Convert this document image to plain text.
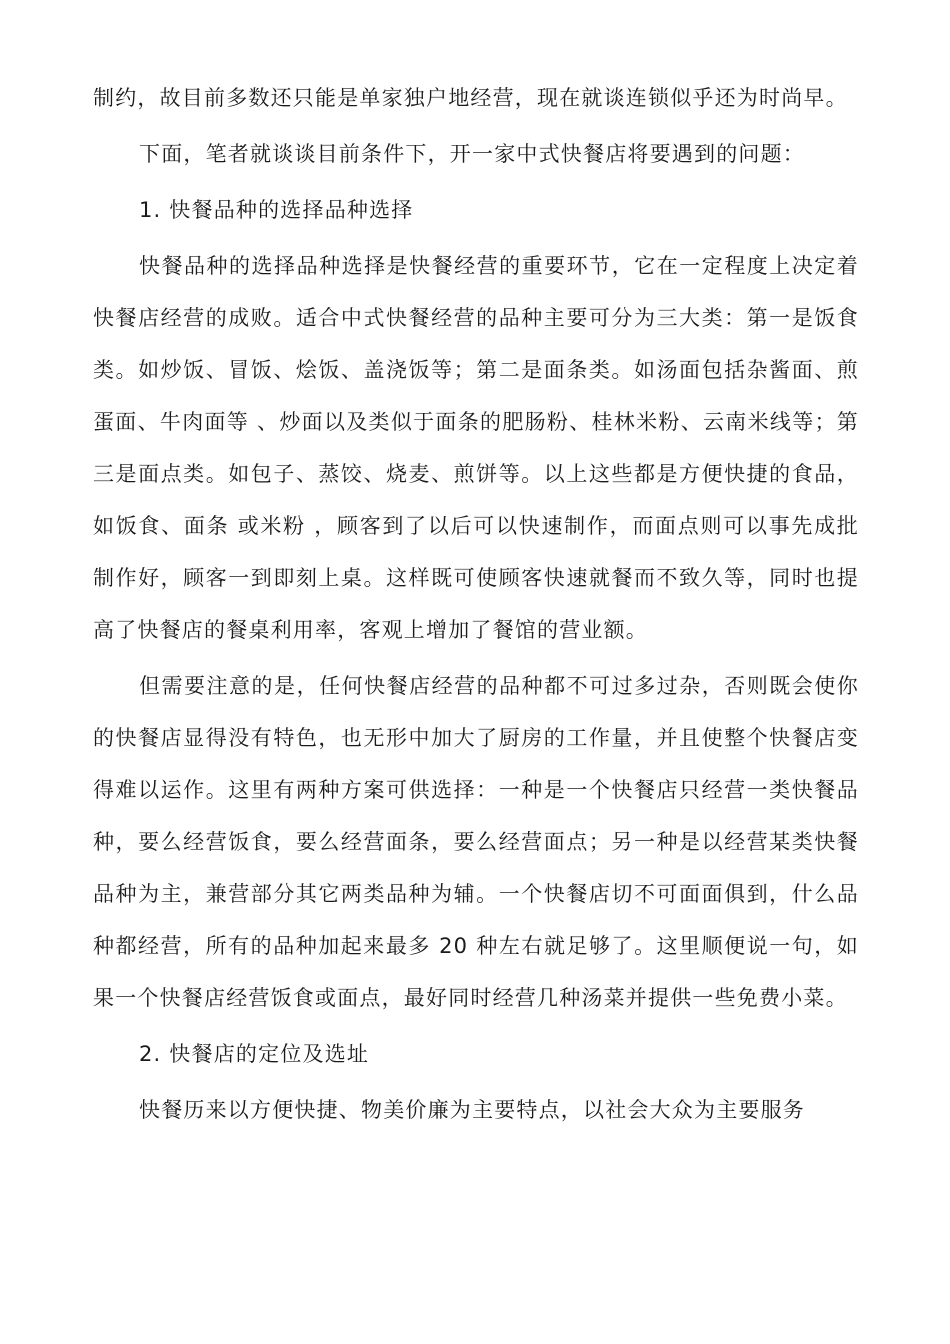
制约，故目前多数还只能是单家独户地经营，现在就谈连锁似乎还为时尚早。

下面，笔者就谈谈目前条件下，开一家中式快餐店将要遇到的问题：

1. 快餐品种的选择品种选择

快餐品种的选择品种选择是快餐经营的重要环节，它在一定程度上决定着快餐店经营的成败。适合中式快餐经营的品种主要可分为三大类：第一是饭食类。如炒饭、冒饭、烩饭、盖浇饭等；第二是面条类。如汤面包括杂酱面、煎蛋面、牛肉面等 、炒面以及类似于面条的肥肠粉、桂林米粉、云南米线等；第三是面点类。如包子、蒸饺、烧麦、煎饼等。以上这些都是方便快捷的食品，如饭食、面条 或米粉 ，顾客到了以后可以快速制作，而面点则可以事先成批制作好，顾客一到即刻上桌。这样既可使顾客快速就餐而不致久等，同时也提高了快餐店的餐桌利用率，客观上增加了餐馆的营业额。

但需要注意的是，任何快餐店经营的品种都不可过多过杂，否则既会使你的快餐店显得没有特色，也无形中加大了厨房的工作量，并且使整个快餐店变得难以运作。这里有两种方案可供选择：一种是一个快餐店只经营一类快餐品种，要么经营饭食，要么经营面条，要么经营面点；另一种是以经营某类快餐品种为主，兼营部分其它两类品种为辅。一个快餐店切不可面面俱到，什么品种都经营，所有的品种加起来最多 20 种左右就足够了。这里顺便说一句，如果一个快餐店经营饭食或面点，最好同时经营几种汤菜并提供一些免费小菜。

2. 快餐店的定位及选址

快餐历来以方便快捷、物美价廉为主要特点，以社会大众为主要服务
